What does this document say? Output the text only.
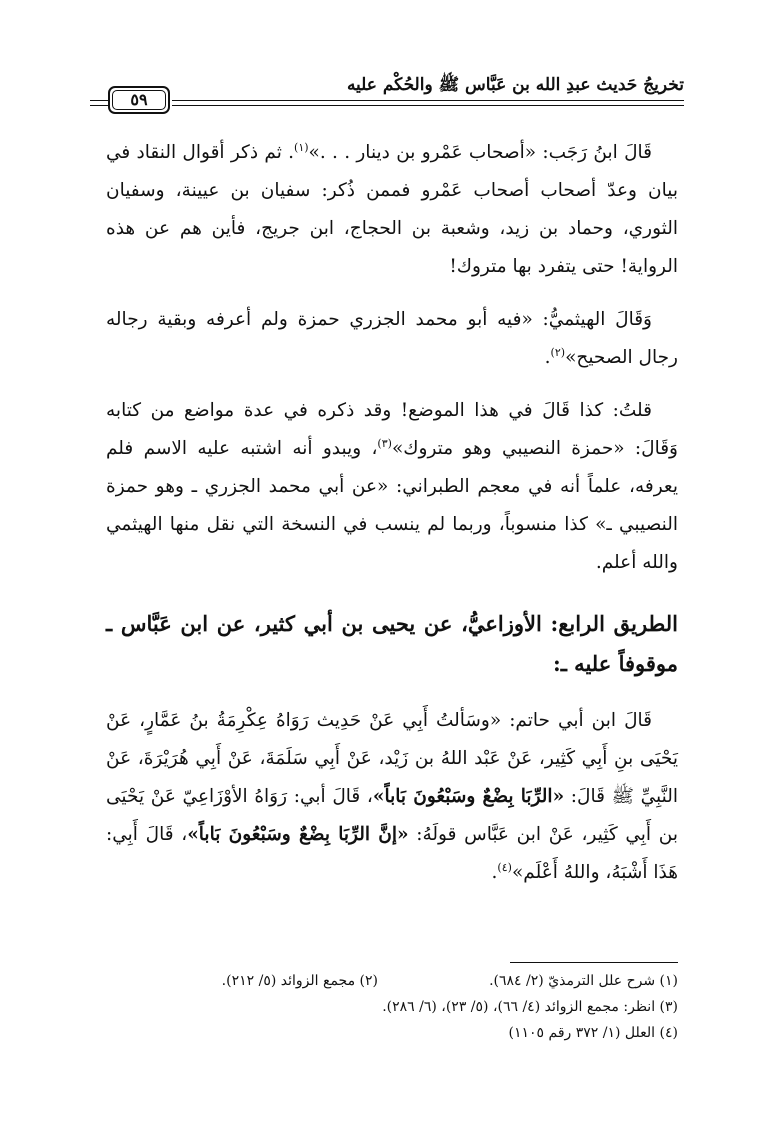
تخريجُ حَديث عبدِ الله بن عَبَّاس ﷺ والحُكْم عليه
٥٩

قَالَ ابنُ رَجَب: «أصحاب عَمْرو بن دينار . . .»$^{(١)}$. ثم ذكر أقوال النقاد في بيان وعدّ أصحاب أصحاب عَمْرو فممن ذُكر: سفيان بن عيينة، وسفيان الثوري، وحماد بن زيد، وشعبة بن الحجاج، ابن جريج، فأين هم عن هذه الرواية! حتى يتفرد بها متروك!

وَقَالَ الهيثميُّ: «فيه أبو محمد الجزري حمزة ولم أعرفه وبقية رجاله رجال الصحيح»$^{(٢)}$.

قلتُ: كذا قَالَ في هذا الموضع! وقد ذكره في عدة مواضع من كتابه وَقَالَ: «حمزة النصيبي وهو متروك»$^{(٣)}$، ويبدو أنه اشتبه عليه الاسم فلم يعرفه، علماً أنه في معجم الطبراني: «عن أبي محمد الجزري ـ وهو حمزة النصيبي ـ» كذا منسوباً، وربما لم ينسب في النسخة التي نقل منها الهيثمي والله أعلم.

الطريق الرابع: الأوزاعيُّ، عن يحيى بن أبي كثير، عن ابن عَبَّاس ـ موقوفاً عليه ـ:

قَالَ ابن أبي حاتم: «وسَألتُ أَبِي عَنْ حَدِيث رَوَاهُ عِكْرِمَةُ بنُ عَمَّارٍ، عَنْ يَحْيَى بنِ أَبِي كَثِير، عَنْ عَبْد اللهُ بن زَيْد، عَنْ أَبِي سَلَمَةَ، عَنْ أَبِي هُرَيْرَةَ، عَنْ النَّبِيِّ ﷺ قَالَ: «الرِّبَا بِضْعٌ وسَبْعُونَ بَاباً»، قَالَ أبي: رَوَاهُ الأوْزَاعِيّ عَنْ يَحْيَى بن أَبِي كَثِير، عَنْ ابن عَبَّاس قولَهُ: «إنَّ الرِّبَا بِضْعٌ وسَبْعُونَ بَاباً»، قَالَ أَبِي: هَذَا أَشْبَهُ، واللهُ أَعْلَم»$^{(٤)}$.

(١) شرح علل الترمذيّ (٢/ ٦٨٤).
(٢) مجمع الزوائد (٥/ ٢١٢).
(٣) انظر: مجمع الزوائد (٤/ ٦٦)، (٥/ ٢٣)، (٦/ ٢٨٦).
(٤) العلل (١/ ٣٧٢ رقم ١١٠٥)
